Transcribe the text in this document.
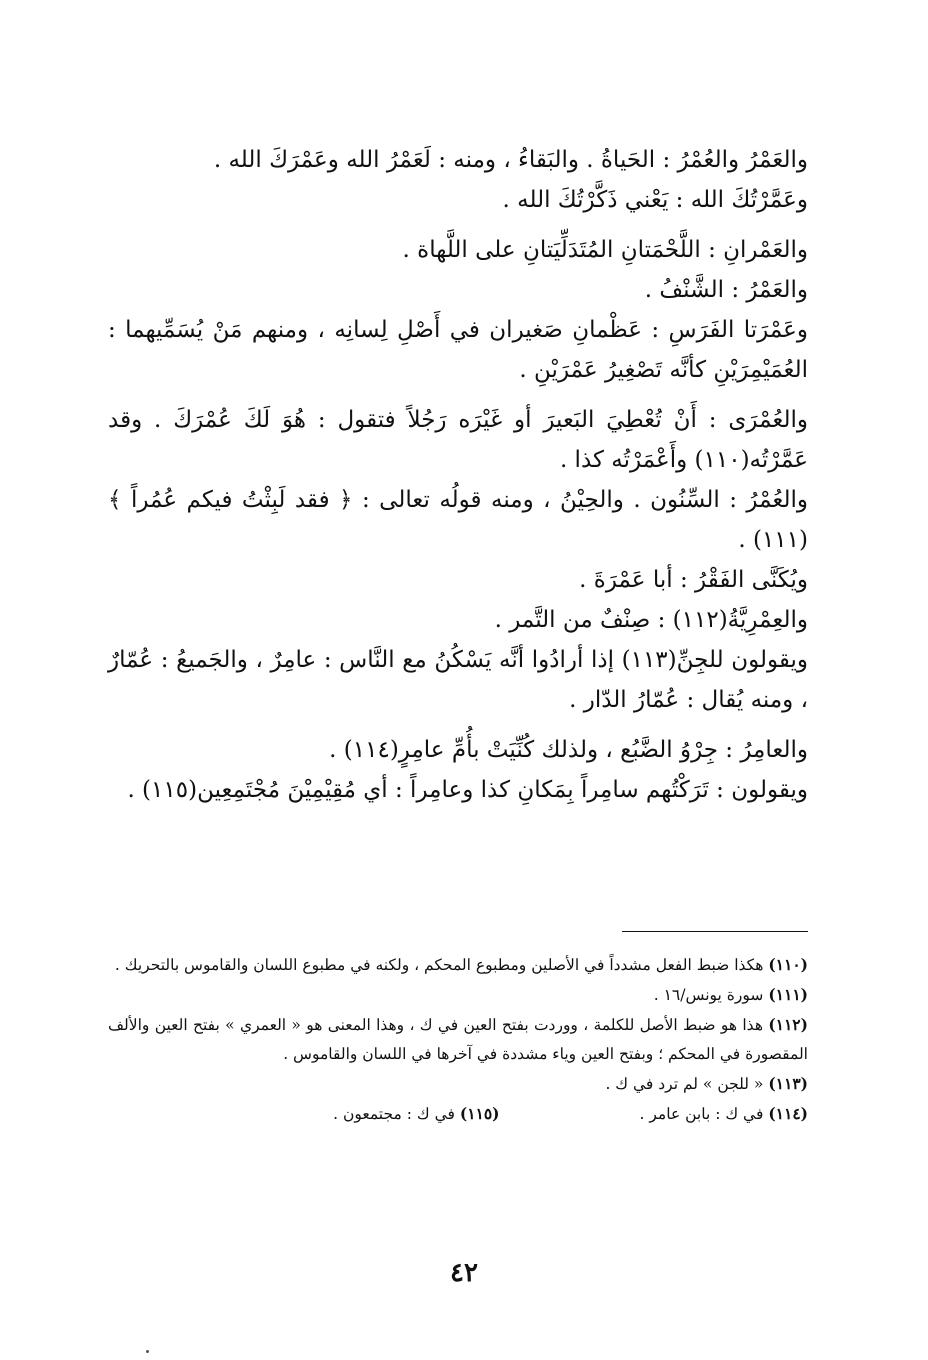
والعَمْرُ والعُمْرُ : الحَياةُ . والبَقاءُ ، ومنه : لَعَمْرُ الله وعَمْرَكَ الله .

وعَمَّرْتُكَ الله : يَعْني ذَكَّرْتُكَ الله .

والعَمْرانِ : اللَّحْمَتانِ المُتَدَلِّيَتانِ على اللَّهاة .

والعَمْرُ : الشَّنْفُ .

وعَمْرَتا الفَرَسِ : عَظْمانِ صَغيران في أَصْلِ لِسانِه ، ومنهم مَنْ يُسَمِّيهما : العُمَيْمِرَيْنِ كأنَّه تَصْغِيرُ عَمْرَيْنِ .

والعُمْرَى : أَنْ تُعْطِيَ البَعيرَ أو غَيْرَه رَجُلاً فتقول : هُوَ لَكَ عُمْرَكَ . وقد عَمَّرْتُه(١١٠) وأَعْمَرْتُه كذا .

والعُمْرُ : السِّنُون . والحِيْنُ ، ومنه قولُه تعالى : ﴿ فقد لَبِثْتُ فيكم عُمُراً ﴾(١١١) .

ويُكَنَّى الفَقْرُ : أبا عَمْرَةَ .

والعِمْرِيَّةُ(١١٢) : صِنْفٌ من التَّمر .

ويقولون للجِنِّ(١١٣) إذا أرادُوا أنَّه يَسْكُنُ مع النَّاس : عامِرٌ ، والجَميعُ : عُمّارٌ ، ومنه يُقال : عُمّارُ الدّار .

والعامِرُ : جِرْوُ الضَّبُع ، ولذلك كُنِّيَتْ بأُمِّ عامِرٍ(١١٤) .

ويقولون : تَرَكْتُهم سامِراً بِمَكانِ كذا وعامِراً : أي مُقِيْمِيْنَ مُجْتَمِعِين(١١٥) .

(١١٠) هكذا ضبط الفعل مشدداً في الأصلين ومطبوع المحكم ، ولكنه في مطبوع اللسان والقاموس بالتحريك .

(١١١) سورة يونس/١٦ .

(١١٢) هذا هو ضبط الأصل للكلمة ، ووردت بفتح العين في ك ، وهذا المعنى هو « العمري » بفتح العين والألف المقصورة في المحكم ؛ وبفتح العين وياء مشددة في آخرها في اللسان والقاموس .

(١١٣) « للجن » لم ترد في ك .

(١١٤) في ك : بابن عامر .

(١١٥) في ك : مجتمعون .

٤٢
